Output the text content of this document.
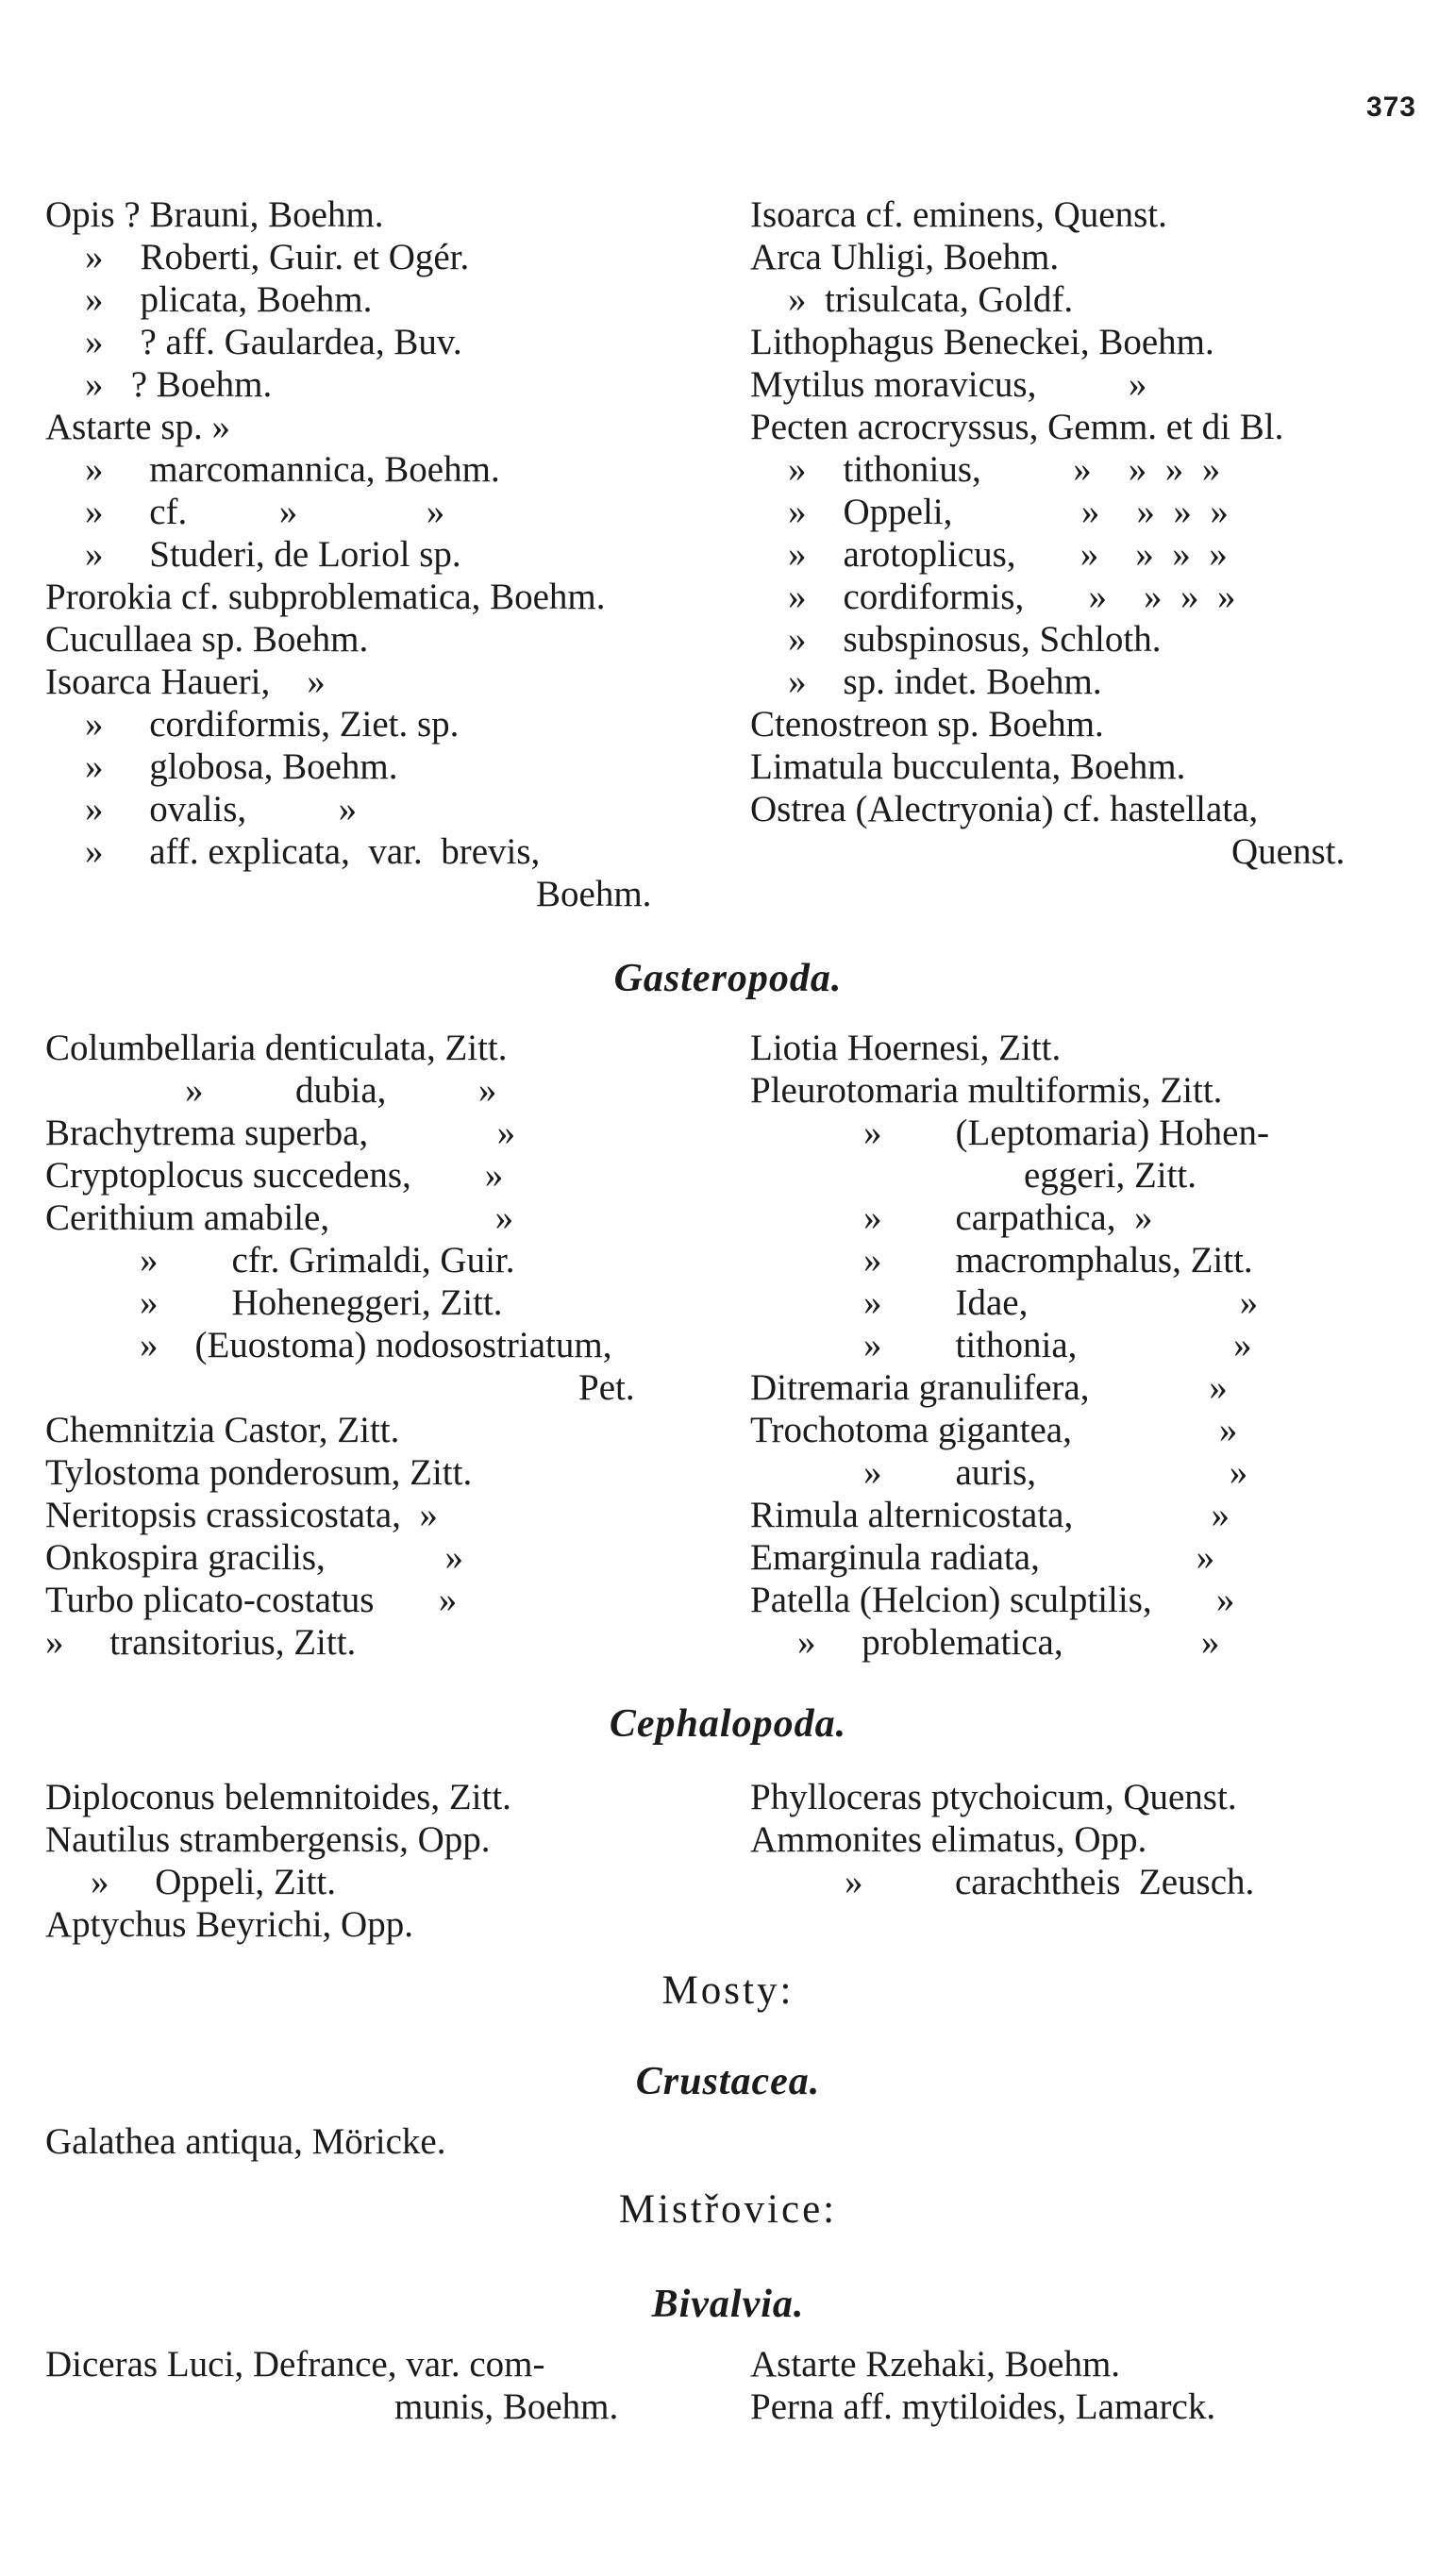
373
Opis ? Brauni, Boehm.
»    Roberti, Guir. et Ogér.
»    plicata, Boehm.
»    ? aff. Gaulardea, Buv.
»   ? Boehm.
Astarte sp. »
»     marcomannica, Boehm.
»     cf.          »              »
»     Studeri, de Loriol sp.
Prorokia cf. subproblematica, Boehm.
Cucullaea sp. Boehm.
Isoarca Haueri,    »
»     cordiformis, Ziet. sp.
»     globosa, Boehm.
»     ovalis,          »
»     aff. explicata,  var.  brevis,
Boehm.
Isoarca cf. eminens, Quenst.
Arca Uhligi, Boehm.
»  trisulcata, Goldf.
Lithophagus Beneckei, Boehm.
Mytilus moravicus,          »
Pecten acrocryssus, Gemm. et di Bl.
»    tithonius,          »    »  »  »
»    Oppeli,              »    »  »  »
»    arotoplicus,       »    »  »  »
»    cordiformis,       »    »  »  »
»    subspinosus, Schloth.
»    sp. indet. Boehm.
Ctenostreon sp. Boehm.
Limatula bucculenta, Boehm.
Ostrea (Alectryonia) cf. hastellata,
Quenst.
Gasteropoda.
Columbellaria denticulata, Zitt.
»          dubia,          »
Brachytrema superba,              »
Cryptoplocus succedens,        »
Cerithium amabile,                  »
»        cfr. Grimaldi, Guir.
»        Hoheneggeri, Zitt.
»    (Euostoma) nodosostriatum,
Pet.
Chemnitzia Castor, Zitt.
Tylostoma ponderosum, Zitt.
Neritopsis crassicostata,  »
Onkospira gracilis,             »
Turbo plicato-costatus       »
»     transitorius, Zitt.
Liotia Hoernesi, Zitt.
Pleurotomaria multiformis, Zitt.
»        (Leptomaria) Hohen-
eggeri, Zitt.
»        carpathica,  »
»        macromphalus, Zitt.
»        Idae,                       »
»        tithonia,                 »
Ditremaria granulifera,             »
Trochotoma gigantea,                »
»        auris,                     »
Rimula alternicostata,               »
Emarginula radiata,                 »
Patella (Helcion) sculptilis,       »
»     problematica,               »
Cephalopoda.
Diploconus belemnitoides, Zitt.
Nautilus strambergensis, Opp.
»     Oppeli, Zitt.
Aptychus Beyrichi, Opp.
Phylloceras ptychoicum, Quenst.
Ammonites elimatus, Opp.
»          carachtheis  Zeusch.
Mosty:
Crustacea.
Galathea antiqua, Möricke.
Mistřovice:
Bivalvia.
Diceras Luci, Defrance, var. com-
munis, Boehm.
Astarte Rzehaki, Boehm.
Perna aff. mytiloides, Lamarck.
